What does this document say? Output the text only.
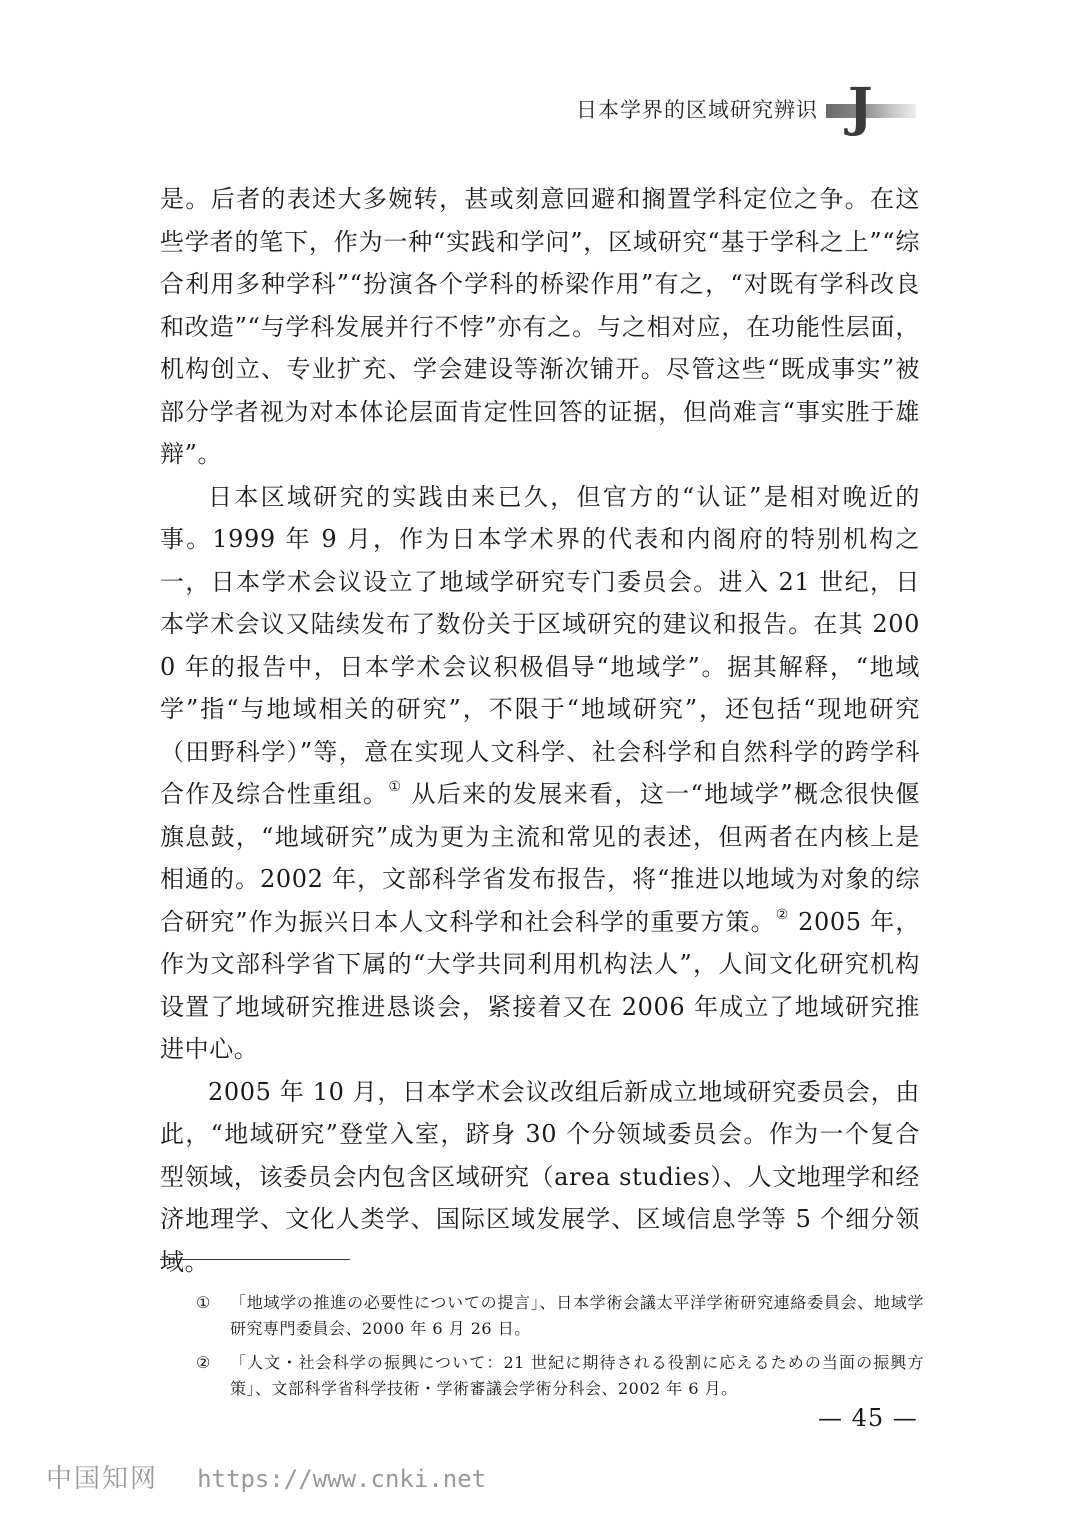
日本学界的区域研究辨识 J

是。后者的表述大多婉转，甚或刻意回避和搁置学科定位之争。在这些学者的笔下，作为一种“实践和学问”，区域研究“基于学科之上”“综合利用多种学科”“扮演各个学科的桥梁作用”有之，“对既有学科改良和改造”“与学科发展并行不悖”亦有之。与之相对应，在功能性层面，机构创立、专业扩充、学会建设等渐次铺开。尽管这些“既成事实”被部分学者视为对本体论层面肯定性回答的证据，但尚难言“事实胜于雄辩”。

日本区域研究的实践由来已久，但官方的“认证”是相对晚近的事。1999 年 9 月，作为日本学术界的代表和内阁府的特别机构之一，日本学术会议设立了地域学研究专门委员会。进入 21 世纪，日本学术会议又陆续发布了数份关于区域研究的建议和报告。在其 2000 年的报告中，日本学术会议积极倡导“地域学”。据其解释，“地域学”指“与地域相关的研究”，不限于“地域研究”，还包括“现地研究（田野科学）”等，意在实现人文科学、社会科学和自然科学的跨学科合作及综合性重组。① 从后来的发展来看，这一“地域学”概念很快偃旗息鼓，“地域研究”成为更为主流和常见的表述，但两者在内核上是相通的。2002 年，文部科学省发布报告，将“推进以地域为对象的综合研究”作为振兴日本人文科学和社会科学的重要方策。② 2005 年，作为文部科学省下属的“大学共同利用机构法人”，人间文化研究机构设置了地域研究推进恳谈会，紧接着又在 2006 年成立了地域研究推进中心。

2005 年 10 月，日本学术会议改组后新成立地域研究委员会，由此，“地域研究”登堂入室，跻身 30 个分领域委员会。作为一个复合型领域，该委员会内包含区域研究（area studies）、人文地理学和经济地理学、文化人类学、国际区域发展学、区域信息学等 5 个细分领域。

① 「地域学の推進の必要性についての提言」、日本学術会議太平洋学術研究連絡委員会、地域学研究専門委員会、2000 年 6 月 26 日。
② 「人文・社会科学の振興について：21 世紀に期待される役割に応えるための当面の振興方策」、文部科学省科学技術・学術審議会学術分科会、2002 年 6 月。
— 45 —
中国知网 https://www.cnki.net
